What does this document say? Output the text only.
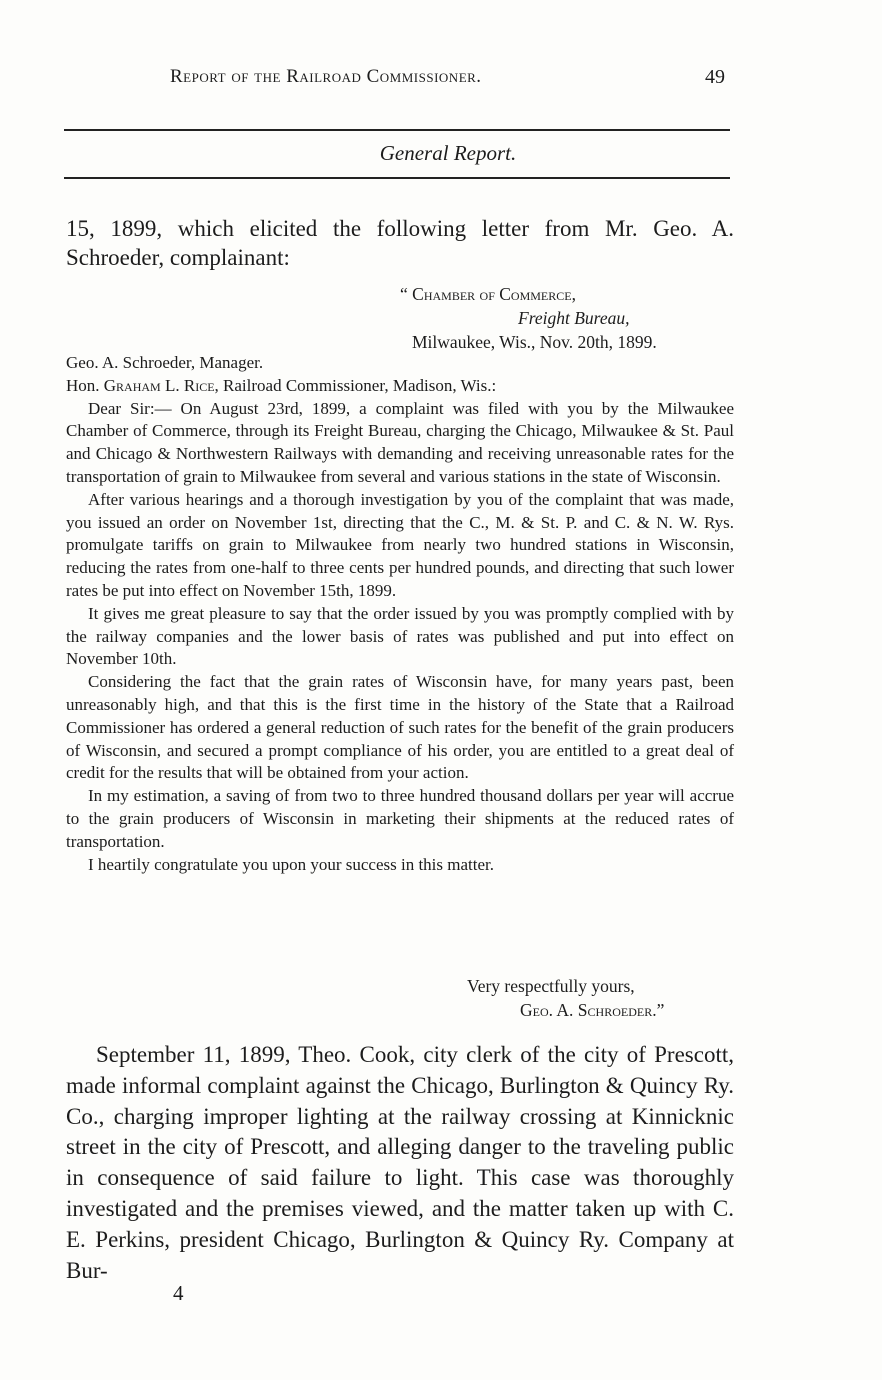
Report of the Railroad Commissioner.	49
General Report.
15, 1899, which elicited the following letter from Mr. Geo. A. Schroeder, complainant:
“ Chamber of Commerce,
Freight Bureau,
Milwaukee, Wis., Nov. 20th, 1899.

Geo. A. Schroeder, Manager.

Hon. Graham L. Rice, Railroad Commissioner, Madison, Wis.:

Dear Sir:— On August 23rd, 1899, a complaint was filed with you by the Milwaukee Chamber of Commerce, through its Freight Bureau, charging the Chicago, Milwaukee & St. Paul and Chicago & Northwestern Railways with demanding and receiving unreasonable rates for the transportation of grain to Milwaukee from several and various stations in the state of Wisconsin.

After various hearings and a thorough investigation by you of the complaint that was made, you issued an order on November 1st, directing that the C., M. & St. P. and C. & N. W. Rys. promulgate tariffs on grain to Milwaukee from nearly two hundred stations in Wisconsin, reducing the rates from one-half to three cents per hundred pounds, and directing that such lower rates be put into effect on November 15th, 1899.

It gives me great pleasure to say that the order issued by you was promptly complied with by the railway companies and the lower basis of rates was published and put into effect on November 10th.

Considering the fact that the grain rates of Wisconsin have, for many years past, been unreasonably high, and that this is the first time in the history of the State that a Railroad Commissioner has ordered a general reduction of such rates for the benefit of the grain producers of Wisconsin, and secured a prompt compliance of his order, you are entitled to a great deal of credit for the results that will be obtained from your action.

In my estimation, a saving of from two to three hundred thousand dollars per year will accrue to the grain producers of Wisconsin in marketing their shipments at the reduced rates of transportation.

I heartily congratulate you upon your success in this matter.

Very respectfully yours,
Geo. A. Schroeder.”
September 11, 1899, Theo. Cook, city clerk of the city of Prescott, made informal complaint against the Chicago, Burlington & Quincy Ry. Co., charging improper lighting at the railway crossing at Kinnicknic street in the city of Prescott, and alleging danger to the traveling public in consequence of said failure to light. This case was thoroughly investigated and the premises viewed, and the matter taken up with C. E. Perkins, president Chicago, Burlington & Quincy Ry. Company at Bur-
4
